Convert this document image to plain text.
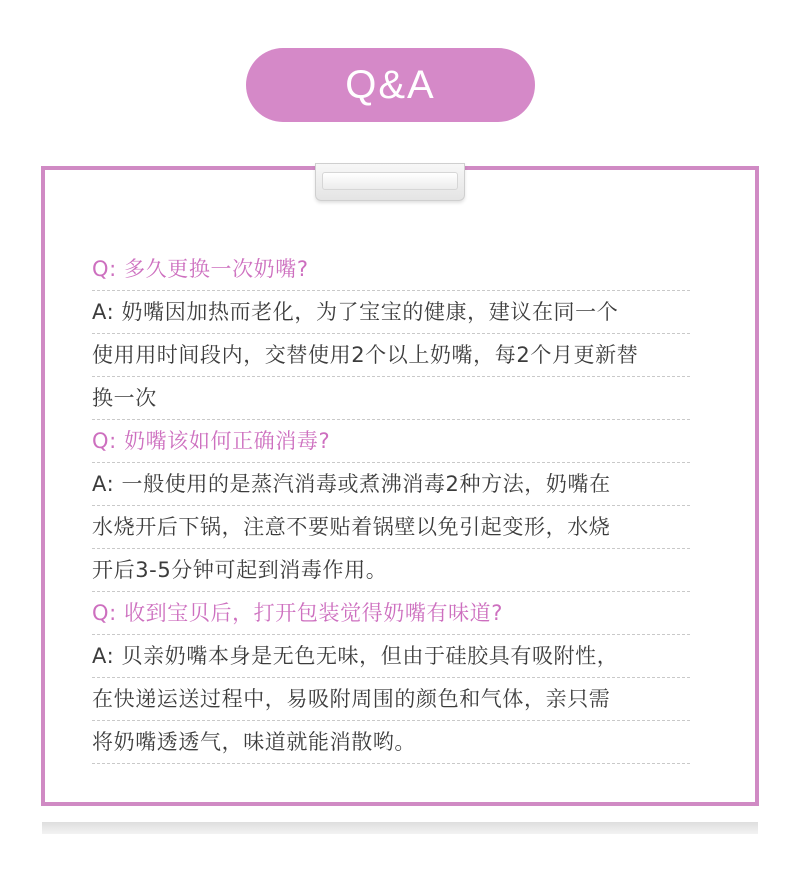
Q&A
Q: 多久更换一次奶嘴?
A: 奶嘴因加热而老化，为了宝宝的健康，建议在同一个
使用用时间段内，交替使用2个以上奶嘴，每2个月更新替
换一次
Q: 奶嘴该如何正确消毒?
A: 一般使用的是蒸汽消毒或煮沸消毒2种方法，奶嘴在
水烧开后下锅，注意不要贴着锅壁以免引起变形，水烧
开后3-5分钟可起到消毒作用。
Q: 收到宝贝后，打开包装觉得奶嘴有味道?
A: 贝亲奶嘴本身是无色无味，但由于硅胶具有吸附性，
在快递运送过程中，易吸附周围的颜色和气体，亲只需
将奶嘴透透气，味道就能消散哟。
